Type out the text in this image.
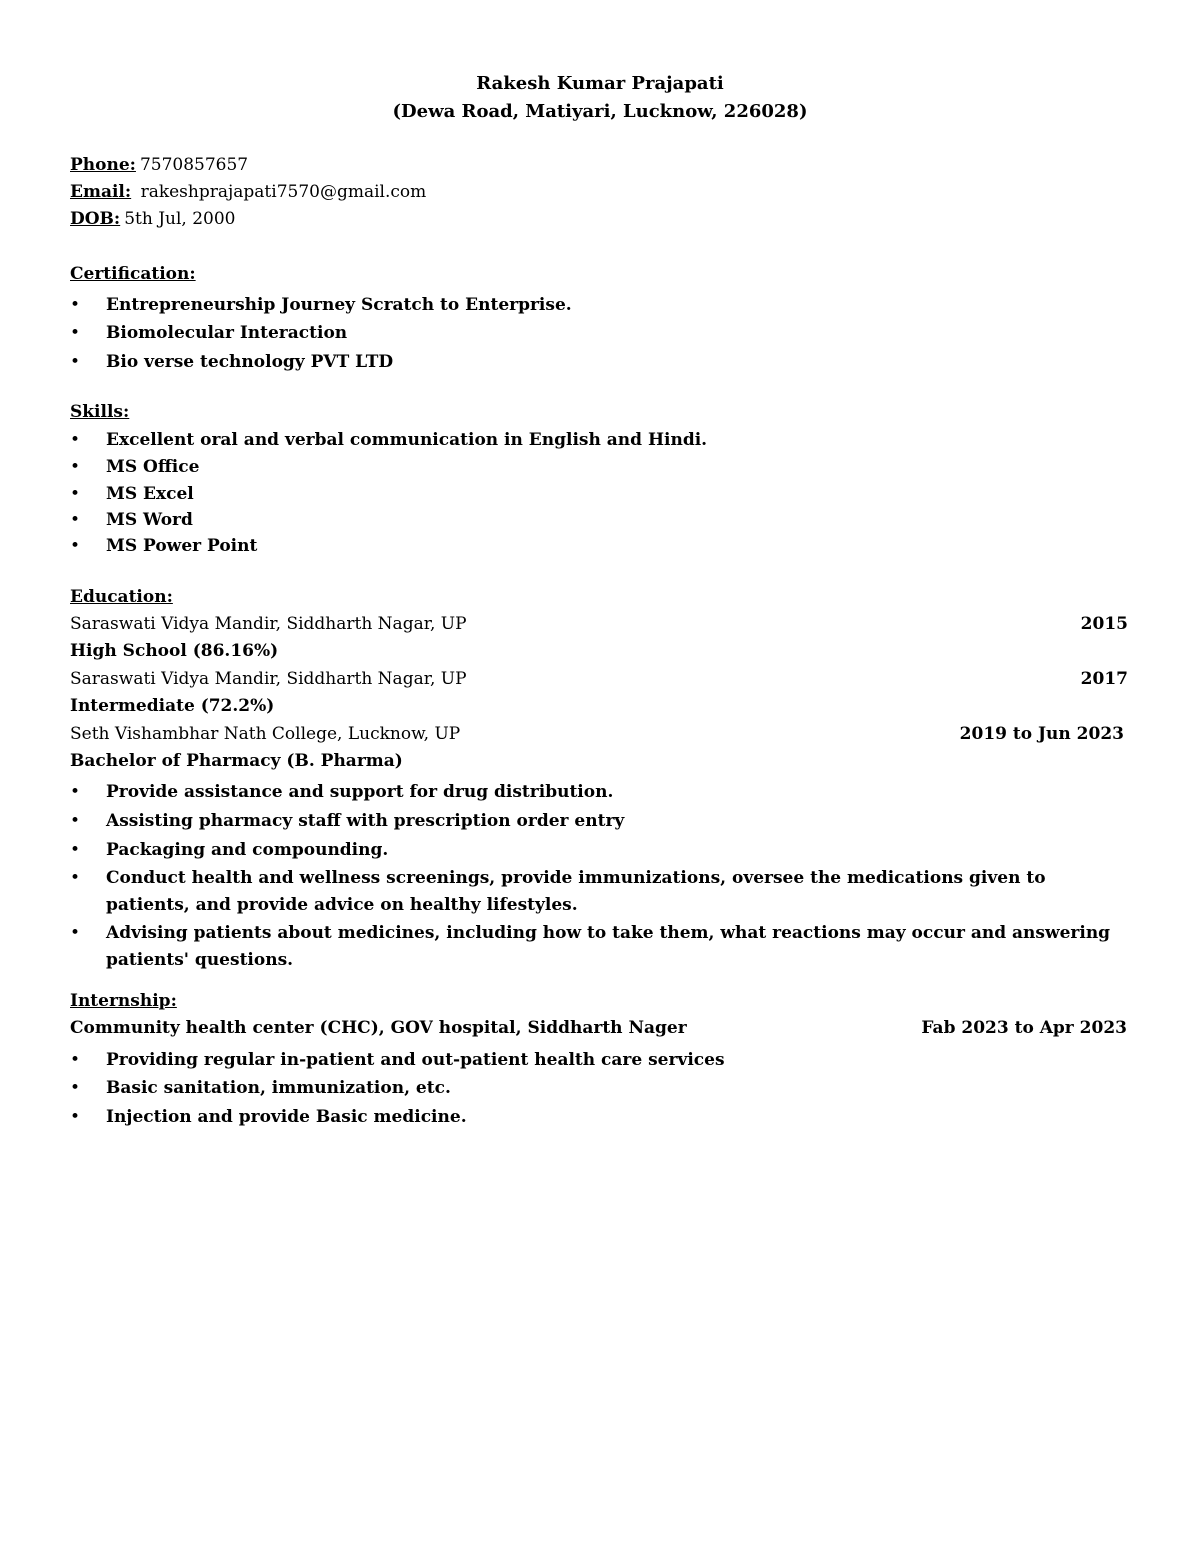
Rakesh Kumar Prajapati
(Dewa Road, Matiyari, Lucknow, 226028)
Phone: 7570857657
Email: rakeshprajapati7570@gmail.com
DOB: 5th Jul, 2000
Certification:
•	Entrepreneurship Journey Scratch to Enterprise.
•	Biomolecular Interaction
•	Bio verse technology PVT LTD
Skills:
•	Excellent oral and verbal communication in English and Hindi.
•	MS Office
•	MS Excel
•	MS Word
•	MS Power Point
Education:
Saraswati Vidya Mandir, Siddharth Nagar, UP	2015
High School (86.16%)
Saraswati Vidya Mandir, Siddharth Nagar, UP	2017
Intermediate (72.2%)
Seth Vishambhar Nath College, Lucknow, UP	2019 to Jun 2023
Bachelor of Pharmacy (B. Pharma)
•	Provide assistance and support for drug distribution.
•	Assisting pharmacy staff with prescription order entry
•	Packaging and compounding.
•	Conduct health and wellness screenings, provide immunizations, oversee the medications given to patients, and provide advice on healthy lifestyles.
•	Advising patients about medicines, including how to take them, what reactions may occur and answering patients' questions.
Internship:
Community health center (CHC), GOV hospital, Siddharth Nager	Fab 2023 to Apr 2023
•	Providing regular in-patient and out-patient health care services
•	Basic sanitation, immunization, etc.
•	Injection and provide Basic medicine.
